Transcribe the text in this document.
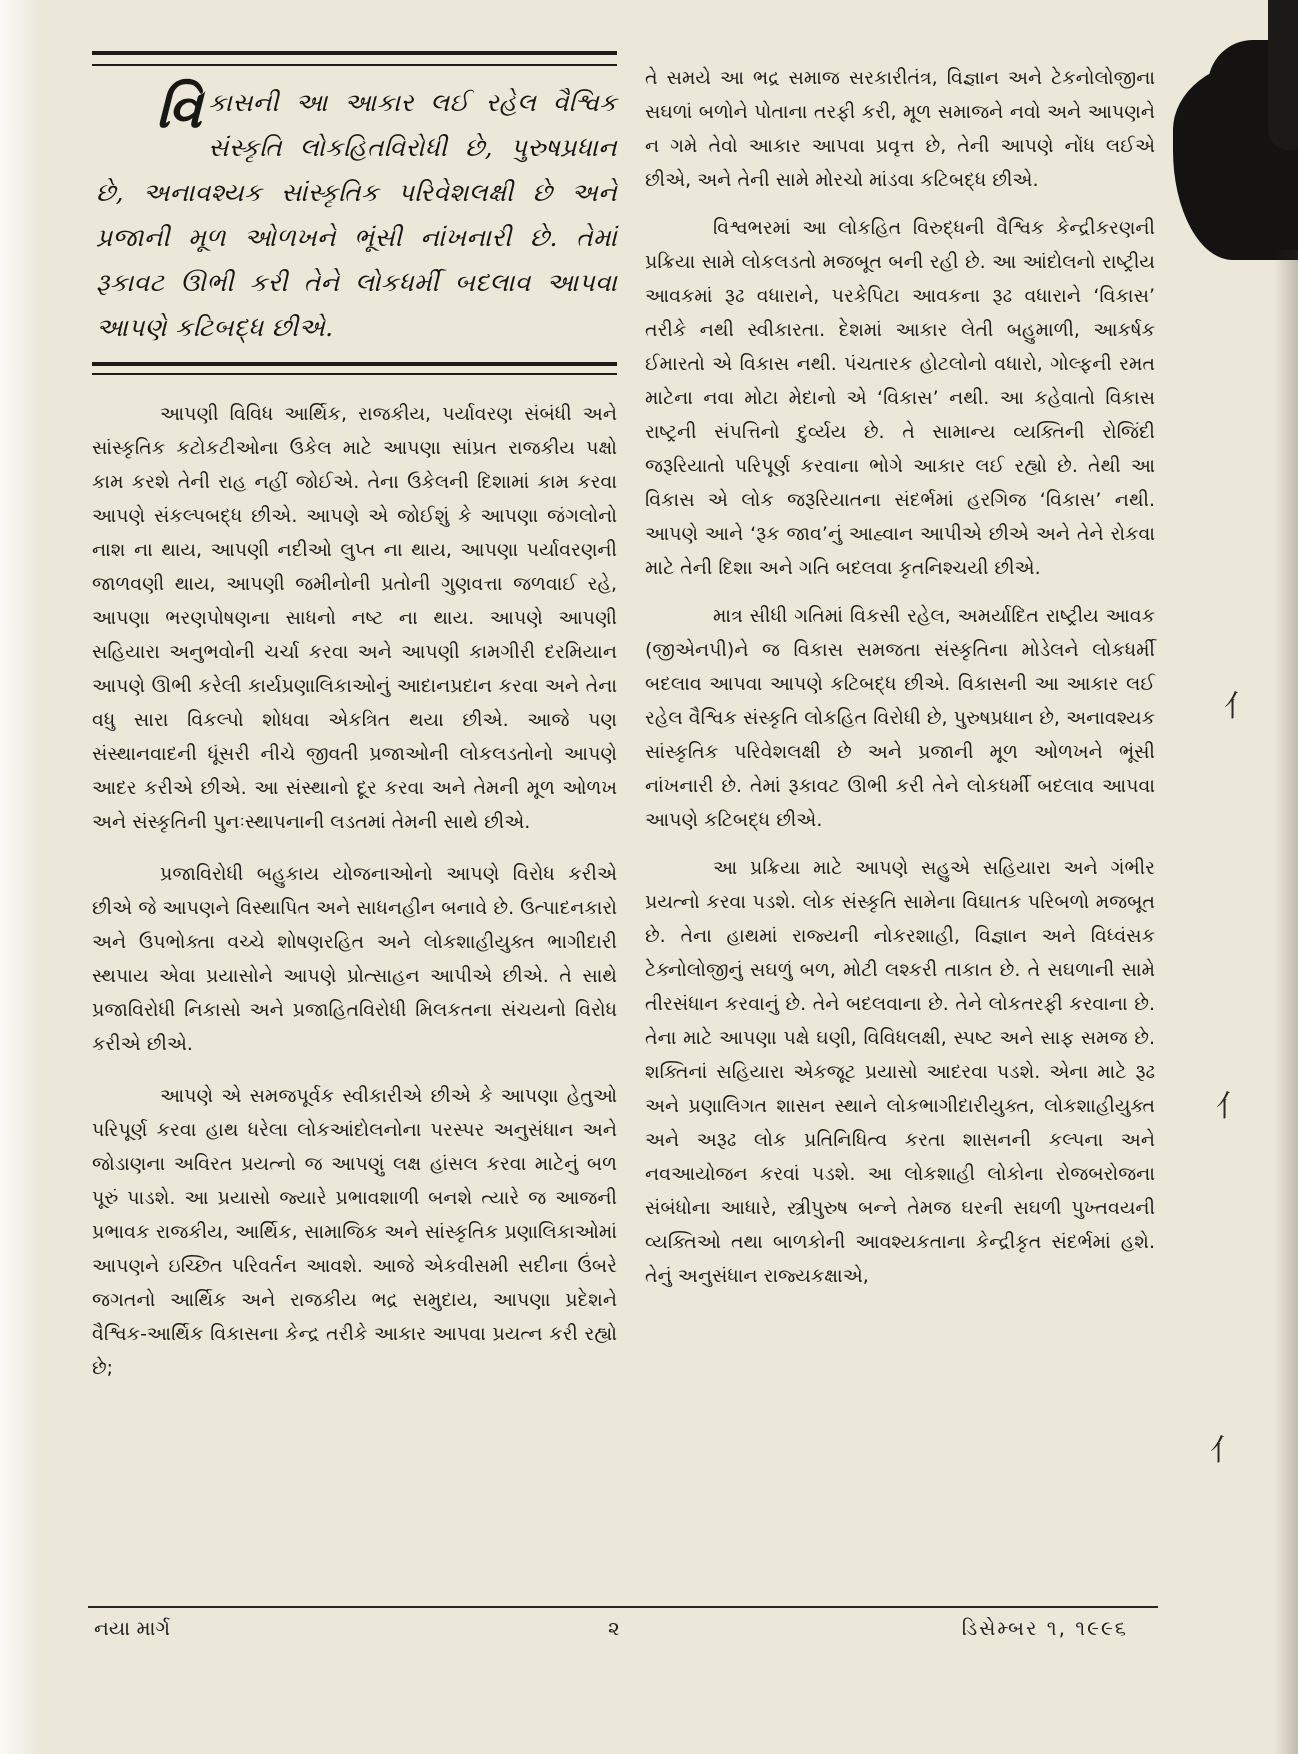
⺅
⺅
⺅
વિકાસની આ આકાર લઈ રહેલ વૈશ્વિક સંસ્કૃતિ લોકહિતવિરોધી છે, પુરુષપ્રધાન છે, અનાવશ્યક સાંસ્કૃતિક પરિવેશલક્ષી છે અને પ્રજાની મૂળ ઓળખને ભૂંસી નાંખનારી છે. તેમાં રૂકાવટ ઊભી કરી તેને લોકધર્મી બદલાવ આપવા આપણે કટિબદ્ધ છીએ.

આપણી વિવિધ આર્થિક, રાજકીય, પર્યાવરણ સંબંધી અને સાંસ્કૃતિક કટોકટીઓના ઉકેલ માટે આપણા સાંપ્રત રાજકીય પક્ષો કામ કરશે તેની રાહ નહીં જોઈએ. તેના ઉકેલની દિશામાં કામ કરવા આપણે સંકલ્પબદ્ધ છીએ. આપણે એ જોઈશું કે આપણા જંગલોનો નાશ ના થાય, આપણી નદીઓ લુપ્ત ના થાય, આપણા પર્યાવરણની જાળવણી થાય, આપણી જમીનોની પ્રતોની ગુણવત્તા જળવાઈ રહે, આપણા ભરણપોષણના સાધનો નષ્ટ ના થાય. આપણે આપણી સહિયારા અનુભવોની ચર્ચા કરવા અને આપણી કામગીરી દરમિયાન આપણે ઊભી કરેલી કાર્યપ્રણાલિકાઓનું આદાનપ્રદાન કરવા અને તેના વધુ સારા વિકલ્પો શોધવા એકત્રિત થયા છીએ. આજે પણ સંસ્થાનવાદની ધૂંસરી નીચે જીવતી પ્રજાઓની લોકલડતોનો આપણે આદર કરીએ છીએ. આ સંસ્થાનો દૂર કરવા અને તેમની મૂળ ઓળખ અને સંસ્કૃતિની પુનઃસ્થાપનાની લડતમાં તેમની સાથે છીએ.

પ્રજાવિરોધી બહુકાય યોજનાઓનો આપણે વિરોધ કરીએ છીએ જે આપણને વિસ્થાપિત અને સાધનહીન બનાવે છે. ઉત્પાદનકારો અને ઉપભોક્તા વચ્ચે શોષણરહિત અને લોકશાહીયુક્ત ભાગીદારી સ્થપાય એવા પ્રયાસોને આપણે પ્રોત્સાહન આપીએ છીએ. તે સાથે પ્રજાવિરોધી નિકાસો અને પ્રજાહિતવિરોધી મિલકતના સંચયનો વિરોધ કરીએ છીએ.

આપણે એ સમજપૂર્વક સ્વીકારીએ છીએ કે આપણા હેતુઓ પરિપૂર્ણ કરવા હાથ ધરેલા લોકઆંદોલનોના પરસ્પર અનુસંધાન અને જોડાણના અવિરત પ્રયત્નો જ આપણું લક્ષ હાંસલ કરવા માટેનું બળ પૂરું પાડશે. આ પ્રયાસો જ્યારે પ્રભાવશાળી બનશે ત્યારે જ આજની પ્રભાવક રાજકીય, આર્થિક, સામાજિક અને સાંસ્કૃતિક પ્રણાલિકાઓમાં આપણને ઇચ્છિત પરિવર્તન આવશે. આજે એકવીસમી સદીના ઉંબરે જગતનો આર્થિક અને રાજકીય ભદ્ર સમુદાય, આપણા પ્રદેશને વૈશ્વિક-આર્થિક વિકાસના કેન્દ્ર તરીકે આકાર આપવા પ્રયત્ન કરી રહ્યો છે;

તે સમયે આ ભદ્ર સમાજ સરકારીતંત્ર, વિજ્ઞાન અને ટેકનોલોજીના સઘળાં બળોને પોતાના તરફી કરી, મૂળ સમાજને નવો અને આપણને ન ગમે તેવો આકાર આપવા પ્રવૃત્ત છે, તેની આપણે નોંધ લઈએ છીએ, અને તેની સામે મોરચો માંડવા કટિબદ્ધ છીએ.

વિશ્વભરમાં આ લોકહિત વિરુદ્ધની વૈશ્વિક કેન્દ્રીકરણની પ્રક્રિયા સામે લોકલડતો મજબૂત બની રહી છે. આ આંદોલનો રાષ્ટ્રીય આવકમાં રૂઢ વધારાને, પરકેપિટા આવકના રૂઢ વધારાને ‘વિકાસ’ તરીકે નથી સ્વીકારતા. દેશમાં આકાર લેતી બહુમાળી, આકર્ષક ઈમારતો એ વિકાસ નથી. પંચતારક હોટલોનો વધારો, ગોલ્ફની રમત માટેના નવા મોટા મેદાનો એ ‘વિકાસ’ નથી. આ કહેવાતો વિકાસ રાષ્ટ્રની સંપત્તિનો દુર્વ્યય છે. તે સામાન્ય વ્યક્તિની રોજિંદી જરૂરિયાતો પરિપૂર્ણ કરવાના ભોગે આકાર લઈ રહ્યો છે. તેથી આ વિકાસ એ લોક જરૂરિયાતના સંદર્ભમાં હરગિજ ‘વિકાસ’ નથી. આપણે આને ‘રૂક જાવ’નું આહ્વાન આપીએ છીએ અને તેને રોકવા માટે તેની દિશા અને ગતિ બદલવા કૃતનિશ્ચયી છીએ.

માત્ર સીધી ગતિમાં વિકસી રહેલ, અમર્યાદિત રાષ્ટ્રીય આવક (જીએનપી)ને જ વિકાસ સમજતા સંસ્કૃતિના મોડેલને લોકધર્મી બદલાવ આપવા આપણે કટિબદ્ધ છીએ. વિકાસની આ આકાર લઈ રહેલ વૈશ્વિક સંસ્કૃતિ લોકહિત વિરોધી છે, પુરુષપ્રધાન છે, અનાવશ્યક સાંસ્કૃતિક પરિવેશલક્ષી છે અને પ્રજાની મૂળ ઓળખને ભૂંસી નાંખનારી છે. તેમાં રૂકાવટ ઊભી કરી તેને લોકધર્મી બદલાવ આપવા આપણે કટિબદ્ધ છીએ.

આ પ્રક્રિયા માટે આપણે સહુએ સહિયારા અને ગંભીર પ્રયત્નો કરવા પડશે. લોક સંસ્કૃતિ સામેના વિઘાતક પરિબળો મજબૂત છે. તેના હાથમાં રાજ્યની નોકરશાહી, વિજ્ઞાન અને વિધ્વંસક ટેક્નોલોજીનું સઘળું બળ, મોટી લશ્કરી તાકાત છે. તે સઘળાની સામે તીરસંધાન કરવાનું છે. તેને બદલવાના છે. તેને લોકતરફી કરવાના છે. તેના માટે આપણા પક્ષે ઘણી, વિવિધલક્ષી, સ્પષ્ટ અને સાફ સમજ છે. શક્તિનાં સહિયારા એકજૂટ પ્રયાસો આદરવા પડશે. એના માટે રૂઢ અને પ્રણાલિગત શાસન સ્થાને લોકભાગીદારીયુક્ત, લોકશાહીયુક્ત અને અરૂઢ લોક પ્રતિનિધિત્વ કરતા શાસનની કલ્પના અને નવઆયોજન કરવાં પડશે. આ લોકશાહી લોકોના રોજબરોજના સંબંધોના આધારે, સ્ત્રીપુરુષ બન્ને તેમજ ઘરની સઘળી પુખ્તવયની વ્યક્તિઓ તથા બાળકોની આવશ્યકતાના કેન્દ્રીકૃત સંદર્ભમાં હશે. તેનું અનુસંધાન રાજ્યકક્ષાએ,

નયા માર્ગ	૨	ડિસેમ્બર ૧, ૧૯૯૬
